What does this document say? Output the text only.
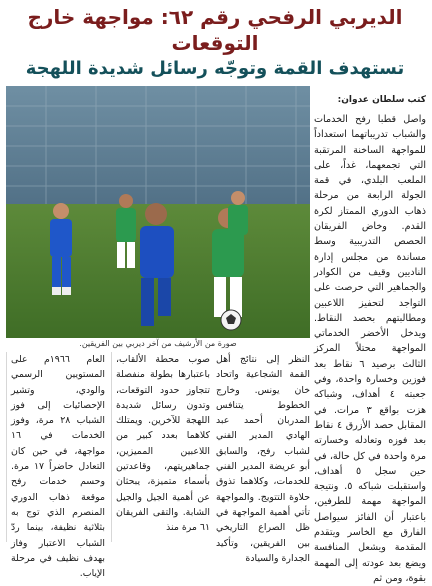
الديربي الرفحي رقم ٦٢: مواجهة خارج التوقعات
تستهدف القمة وتوجّه رسائل شديدة اللهجة
صورة من الأرشيف من آخر ديربي بين الفريقين.
كتب سلطان عدوان:

واصل قطبا رفح الخدمات والشباب تدريباتهما استعداداً للمواجهة الساخنة المرتقبة التي تجمعهما، غداً، على الملعب البلدي، في قمة الجولة الرابعة من مرحلة ذهاب الدوري الممتاز لكرة القدم. وخاض الفريقان الحصص التدريبية وسط مساندة من مجلس إدارة الناديين وقيف من الكوادر والجماهير التي حرصت على التواجد لتحفيز اللاعبين ومطالبتهم بحصد النقاط. ويدخل الأخضر الخدماتي المواجهة محتلاً المركز الثالث برصيد ٦ نقاط بعد فوزين وخسارة واحدة، وفي جعبته ٤ أهداف، وشباكه هزت بواقع ٣ مرات. في المقابل حصد الأزرق ٤ نقاط بعد فوزه وتعادله وخسارته مرة واحدة في كل حالة، في حين سجل ٥ أهداف، واستقبلت شباكه ٥. ونتيجة المواجهة مهمة للطرفين، باعتبار أن الفائز سيواصل الفارق مع الخاسر ويتقدم المقدمة ويشعل المنافسة ويضع بعد عودته إلى المهمة بقوة، ومن ثم

النظر إلى نتائج أهل القمة الشجاعية واتحاد خان يونس. وخارج الخطوط يتنافس المدربان أحمد عبد الهادي المدير الفني لشباب رفح، والسابق أبو عريضة المدير الفني للخدمات، وكلاهما تذوق حلاوة التتويج. والمواجهة تأتي أهمية المواجهة في ظل الصراع التاريخي بين الفريقين، وتأكيد الجدارة والسيادة

صوب محطة الألقاب، باعتبارها بطولة منفصلة تتجاوز حدود التوقعات، وتدون رسائل شديدة اللهجة للآخرين. ويمتلك كلاهما بعدد كبير من اللاعبين المميزين، جماهيريتهم، وقاعدتين بأسماء متميزة، يبحثان عن أهمية الجيل والجيل الشابة. والتقى الفريقان ٦١ مرة منذ

العام ١٩٦٦م على المستويين الرسمي والودي، وتشير الإحصائيات إلى فوز الشباب ٢٨ مرة، وفوز الخدمات في ١٦ مواجهة، في حين كان التعادل حاضراً ١٧ مرة. وحسم خدمات رفح موقعة ذهاب الدوري المنصرم الذي توج به بثلاثية نظيفة، بينما ردّ الشباب الاعتبار وفاز بهدف نظيف في مرحلة الإياب.
